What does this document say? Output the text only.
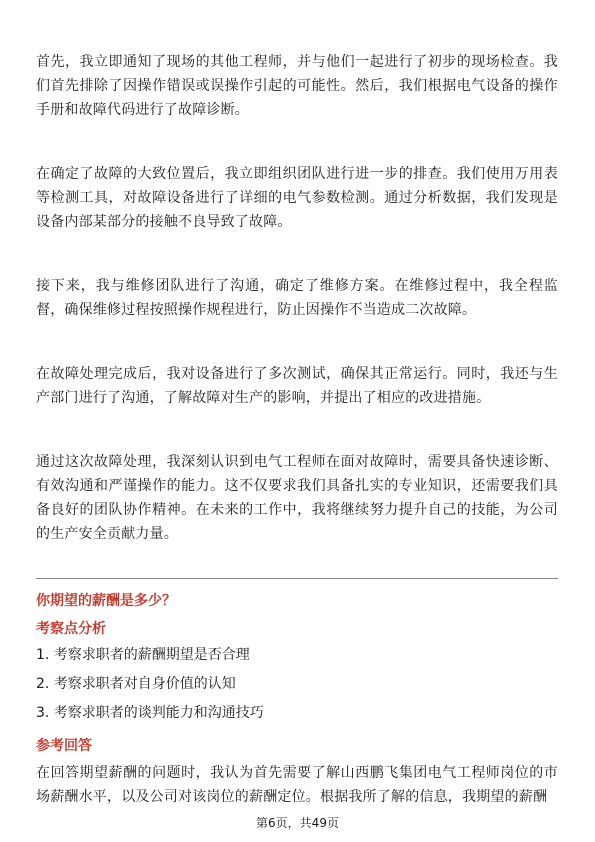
首先，我立即通知了现场的其他工程师，并与他们一起进行了初步的现场检查。我们首先排除了因操作错误或误操作引起的可能性。然后，我们根据电气设备的操作手册和故障代码进行了故障诊断。

在确定了故障的大致位置后，我立即组织团队进行进一步的排查。我们使用万用表等检测工具，对故障设备进行了详细的电气参数检测。通过分析数据，我们发现是设备内部某部分的接触不良导致了故障。

接下来，我与维修团队进行了沟通，确定了维修方案。在维修过程中，我全程监督，确保维修过程按照操作规程进行，防止因操作不当造成二次故障。

在故障处理完成后，我对设备进行了多次测试，确保其正常运行。同时，我还与生产部门进行了沟通，了解故障对生产的影响，并提出了相应的改进措施。

通过这次故障处理，我深刻认识到电气工程师在面对故障时，需要具备快速诊断、有效沟通和严谨操作的能力。这不仅要求我们具备扎实的专业知识，还需要我们具备良好的团队协作精神。在未来的工作中，我将继续努力提升自己的技能，为公司的生产安全贡献力量。

你期望的薪酬是多少？
考察点分析
1. 考察求职者的薪酬期望是否合理
2. 考察求职者对自身价值的认知
3. 考察求职者的谈判能力和沟通技巧
参考回答

在回答期望薪酬的问题时，我认为首先需要了解山西鹏飞集团电气工程师岗位的市场薪酬水平，以及公司对该岗位的薪酬定位。根据我所了解的信息，我期望的薪酬

第6页，共49页
